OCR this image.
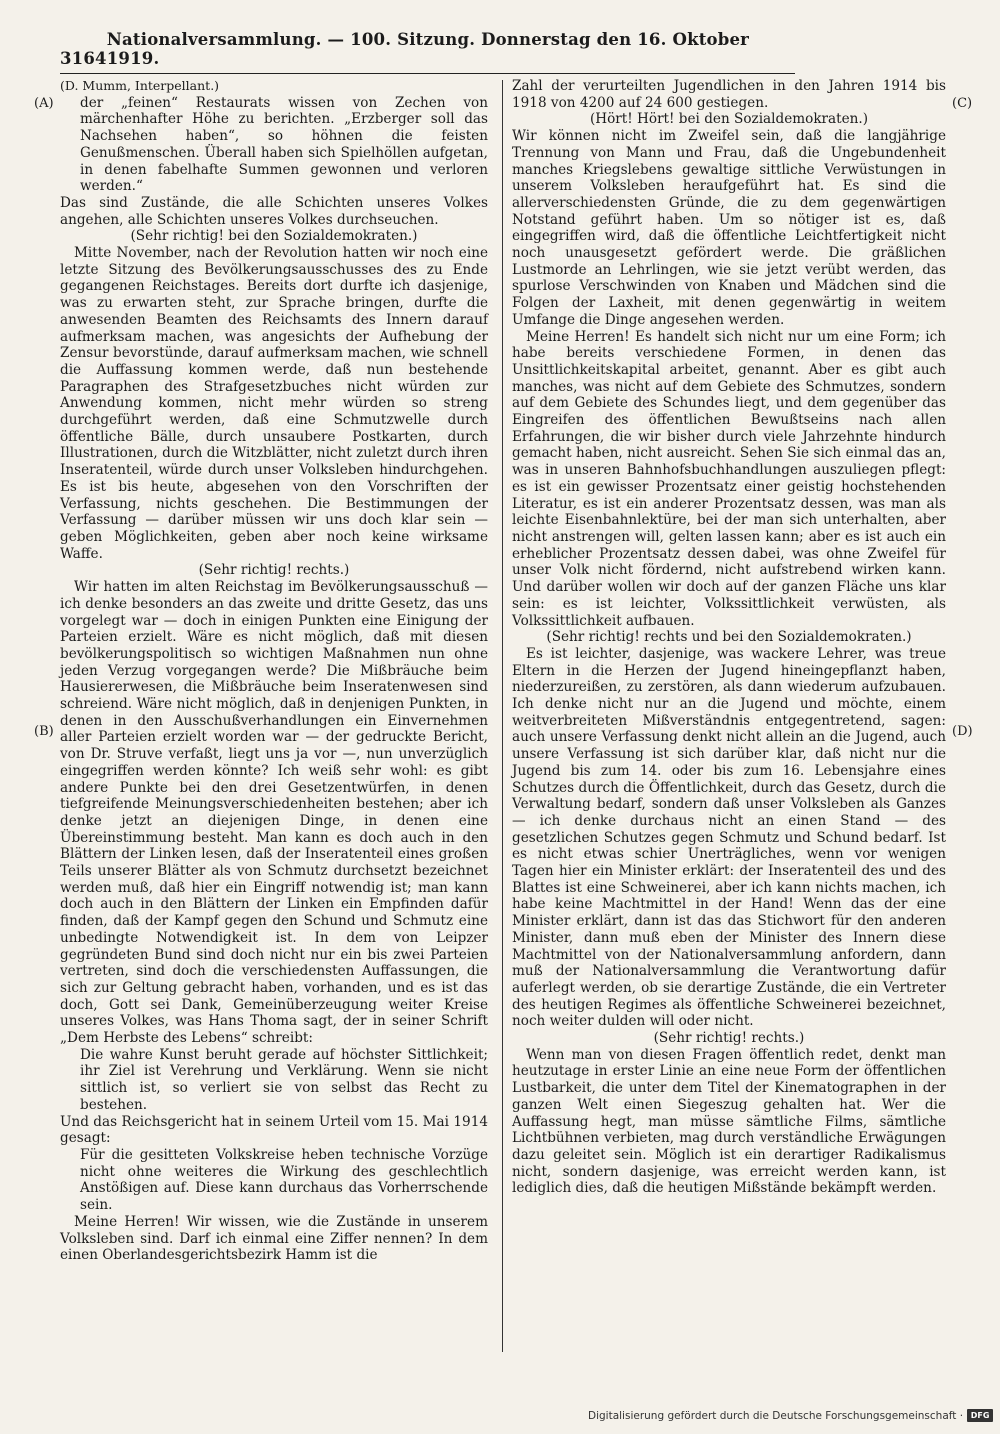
3164
Nationalversammlung. — 100. Sitzung. Donnerstag den 16. Oktober 1919.
(A)
(B)
(C)
(D)

(D. Mumm, Interpellant.)

der „feinen“ Restaurats wissen von Zechen von märchenhafter Höhe zu berichten. „Erzberger soll das Nachsehen haben“, so höhnen die feisten Genußmenschen. Überall haben sich Spielhöllen aufgetan, in denen fabelhafte Summen gewonnen und verloren werden.“

Das sind Zustände, die alle Schichten unseres Volkes angehen, alle Schichten unseres Volkes durchseuchen.

(Sehr richtig! bei den Sozialdemokraten.)

Mitte November, nach der Revolution hatten wir noch eine letzte Sitzung des Bevölkerungsausschusses des zu Ende gegangenen Reichstages. Bereits dort durfte ich dasjenige, was zu erwarten steht, zur Sprache bringen, durfte die anwesenden Beamten des Reichsamts des Innern darauf aufmerksam machen, was angesichts der Aufhebung der Zensur bevorstünde, darauf aufmerksam machen, wie schnell die Auffassung kommen werde, daß nun bestehende Paragraphen des Strafgesetzbuches nicht würden zur Anwendung kommen, nicht mehr würden so streng durchgeführt werden, daß eine Schmutzwelle durch öffentliche Bälle, durch unsaubere Postkarten, durch Illustrationen, durch die Witzblätter, nicht zuletzt durch ihren Inseratenteil, würde durch unser Volksleben hindurchgehen. Es ist bis heute, abgesehen von den Vorschriften der Verfassung, nichts geschehen. Die Bestimmungen der Verfassung — darüber müssen wir uns doch klar sein — geben Möglichkeiten, geben aber noch keine wirksame Waffe.

(Sehr richtig! rechts.)

Wir hatten im alten Reichstag im Bevölkerungsausschuß — ich denke besonders an das zweite und dritte Gesetz, das uns vorgelegt war — doch in einigen Punkten eine Einigung der Parteien erzielt. Wäre es nicht möglich, daß mit diesen bevölkerungspolitisch so wichtigen Maßnahmen nun ohne jeden Verzug vorgegangen werde? Die Mißbräuche beim Hausiererwesen, die Mißbräuche beim Inseratenwesen sind schreiend. Wäre nicht möglich, daß in denjenigen Punkten, in denen in den Ausschußverhandlungen ein Einvernehmen aller Parteien erzielt worden war — der gedruckte Bericht, von Dr. Struve verfaßt, liegt uns ja vor —, nun unverzüglich eingegriffen werden könnte? Ich weiß sehr wohl: es gibt andere Punkte bei den drei Gesetzentwürfen, in denen tiefgreifende Meinungsverschiedenheiten bestehen; aber ich denke jetzt an diejenigen Dinge, in denen eine Übereinstimmung besteht. Man kann es doch auch in den Blättern der Linken lesen, daß der Inseratenteil eines großen Teils unserer Blätter als von Schmutz durchsetzt bezeichnet werden muß, daß hier ein Eingriff notwendig ist; man kann doch auch in den Blättern der Linken ein Empfinden dafür finden, daß der Kampf gegen den Schund und Schmutz eine unbedingte Notwendigkeit ist. In dem von Leipzer gegründeten Bund sind doch nicht nur ein bis zwei Parteien vertreten, sind doch die verschiedensten Auffassungen, die sich zur Geltung gebracht haben, vorhanden, und es ist das doch, Gott sei Dank, Gemeinüberzeugung weiter Kreise unseres Volkes, was Hans Thoma sagt, der in seiner Schrift „Dem Herbste des Lebens“ schreibt:

Die wahre Kunst beruht gerade auf höchster Sittlichkeit; ihr Ziel ist Verehrung und Verklärung. Wenn sie nicht sittlich ist, so verliert sie von selbst das Recht zu bestehen.

Und das Reichsgericht hat in seinem Urteil vom 15. Mai 1914 gesagt:

Für die gesitteten Volkskreise heben technische Vorzüge nicht ohne weiteres die Wirkung des geschlechtlich Anstößigen auf. Diese kann durchaus das Vorherrschende sein.

Meine Herren! Wir wissen, wie die Zustände in unserem Volksleben sind. Darf ich einmal eine Ziffer nennen? In dem einen Oberlandesgerichtsbezirk Hamm ist die

Zahl der verurteilten Jugendlichen in den Jahren 1914 bis 1918 von 4200 auf 24 600 gestiegen.

(Hört! Hört! bei den Sozialdemokraten.)

Wir können nicht im Zweifel sein, daß die langjährige Trennung von Mann und Frau, daß die Ungebundenheit manches Kriegslebens gewaltige sittliche Verwüstungen in unserem Volksleben heraufgeführt hat. Es sind die allerverschiedensten Gründe, die zu dem gegenwärtigen Notstand geführt haben. Um so nötiger ist es, daß eingegriffen wird, daß die öffentliche Leichtfertigkeit nicht noch unausgesetzt gefördert werde. Die gräßlichen Lustmorde an Lehrlingen, wie sie jetzt verübt werden, das spurlose Verschwinden von Knaben und Mädchen sind die Folgen der Laxheit, mit denen gegenwärtig in weitem Umfange die Dinge angesehen werden.

Meine Herren! Es handelt sich nicht nur um eine Form; ich habe bereits verschiedene Formen, in denen das Unsittlichkeitskapital arbeitet, genannt. Aber es gibt auch manches, was nicht auf dem Gebiete des Schmutzes, sondern auf dem Gebiete des Schundes liegt, und dem gegenüber das Eingreifen des öffentlichen Bewußtseins nach allen Erfahrungen, die wir bisher durch viele Jahrzehnte hindurch gemacht haben, nicht ausreicht. Sehen Sie sich einmal das an, was in unseren Bahnhofsbuchhandlungen auszuliegen pflegt: es ist ein gewisser Prozentsatz einer geistig hochstehenden Literatur, es ist ein anderer Prozentsatz dessen, was man als leichte Eisenbahnlektüre, bei der man sich unterhalten, aber nicht anstrengen will, gelten lassen kann; aber es ist auch ein erheblicher Prozentsatz dessen dabei, was ohne Zweifel für unser Volk nicht fördernd, nicht aufstrebend wirken kann. Und darüber wollen wir doch auf der ganzen Fläche uns klar sein: es ist leichter, Volkssittlichkeit verwüsten, als Volkssittlichkeit aufbauen.

(Sehr richtig! rechts und bei den Sozialdemokraten.)

Es ist leichter, dasjenige, was wackere Lehrer, was treue Eltern in die Herzen der Jugend hineingepflanzt haben, niederzureißen, zu zerstören, als dann wiederum aufzubauen. Ich denke nicht nur an die Jugend und möchte, einem weitverbreiteten Mißverständnis entgegentretend, sagen: auch unsere Verfassung denkt nicht allein an die Jugend, auch unsere Verfassung ist sich darüber klar, daß nicht nur die Jugend bis zum 14. oder bis zum 16. Lebensjahre eines Schutzes durch die Öffentlichkeit, durch das Gesetz, durch die Verwaltung bedarf, sondern daß unser Volksleben als Ganzes — ich denke durchaus nicht an einen Stand — des gesetzlichen Schutzes gegen Schmutz und Schund bedarf. Ist es nicht etwas schier Unerträgliches, wenn vor wenigen Tagen hier ein Minister erklärt: der Inseratenteil des und des Blattes ist eine Schweinerei, aber ich kann nichts machen, ich habe keine Machtmittel in der Hand! Wenn das der eine Minister erklärt, dann ist das das Stichwort für den anderen Minister, dann muß eben der Minister des Innern diese Machtmittel von der Nationalversammlung anfordern, dann muß der Nationalversammlung die Verantwortung dafür auferlegt werden, ob sie derartige Zustände, die ein Vertreter des heutigen Regimes als öffentliche Schweinerei bezeichnet, noch weiter dulden will oder nicht.

(Sehr richtig! rechts.)

Wenn man von diesen Fragen öffentlich redet, denkt man heutzutage in erster Linie an eine neue Form der öffentlichen Lustbarkeit, die unter dem Titel der Kinematographen in der ganzen Welt einen Siegeszug gehalten hat. Wer die Auffassung hegt, man müsse sämtliche Films, sämtliche Lichtbühnen verbieten, mag durch verständliche Erwägungen dazu geleitet sein. Möglich ist ein derartiger Radikalismus nicht, sondern dasjenige, was erreicht werden kann, ist lediglich dies, daß die heutigen Mißstände bekämpft werden.

Digitalisierung gefördert durch die Deutsche Forschungsgemeinschaft · DFG
